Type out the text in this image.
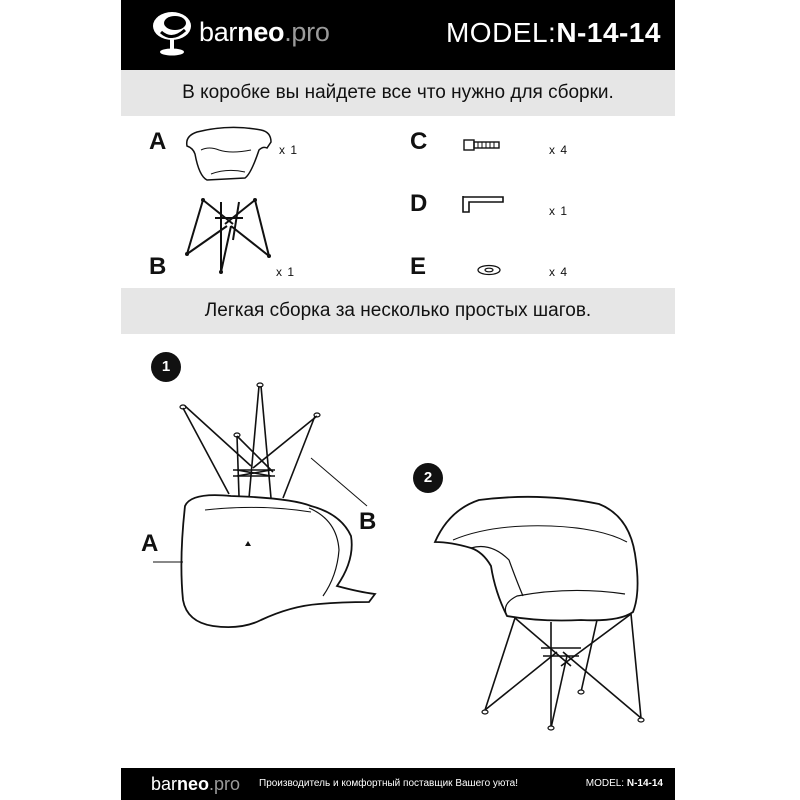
barneo.pro	MODEL:N-14-14
В коробке вы найдете все что нужно для сборки.
A	x 1
B	x 1
C	x 4
D	x 1
E	x 4
Легкая сборка за несколько простых шагов.
1
A
B
2
barneo.pro Производитель и комфортный поставщик Вашего уюта!	MODEL: N-14-14
